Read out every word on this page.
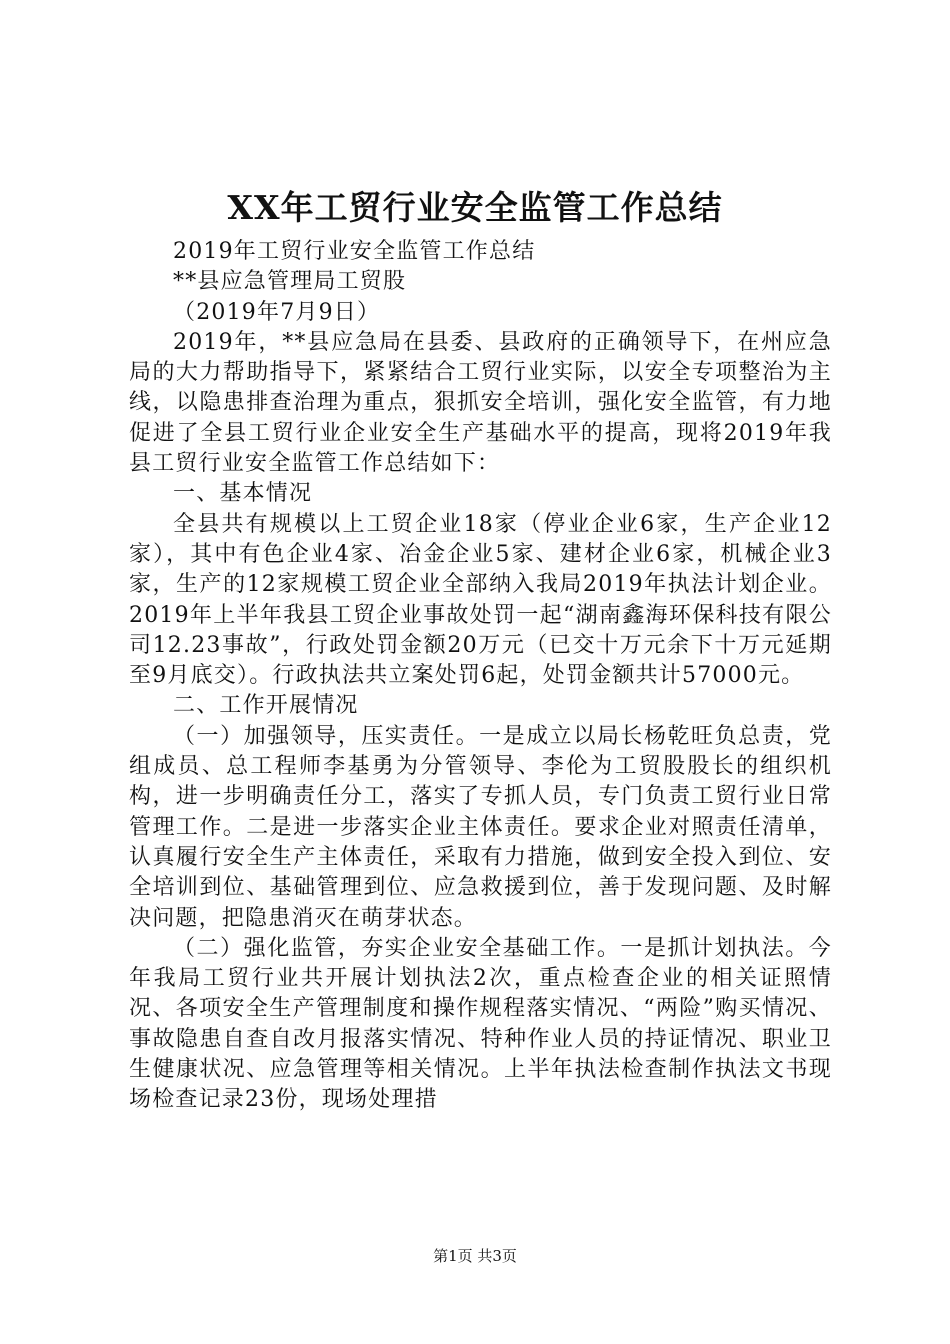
XX年工贸行业安全监管工作总结

2019年工贸行业安全监管工作总结

**县应急管理局工贸股

（2019年7月9日）

2019年，**县应急局在县委、县政府的正确领导下，在州应急局的大力帮助指导下，紧紧结合工贸行业实际，以安全专项整治为主线，以隐患排查治理为重点，狠抓安全培训，强化安全监管，有力地促进了全县工贸行业企业安全生产基础水平的提高，现将2019年我县工贸行业安全监管工作总结如下：

一、基本情况

全县共有规模以上工贸企业18家（停业企业6家，生产企业12家），其中有色企业4家、冶金企业5家、建材企业6家，机械企业3家，生产的12家规模工贸企业全部纳入我局2019年执法计划企业。2019年上半年我县工贸企业事故处罚一起“湖南鑫海环保科技有限公司12.23事故”，行政处罚金额20万元（已交十万元余下十万元延期至9月底交）。行政执法共立案处罚6起，处罚金额共计57000元。

二、工作开展情况

（一）加强领导，压实责任。一是成立以局长杨乾旺负总责，党组成员、总工程师李基勇为分管领导、李伦为工贸股股长的组织机构，进一步明确责任分工，落实了专抓人员，专门负责工贸行业日常管理工作。二是进一步落实企业主体责任。要求企业对照责任清单，认真履行安全生产主体责任，采取有力措施，做到安全投入到位、安全培训到位、基础管理到位、应急救援到位，善于发现问题、及时解决问题，把隐患消灭在萌芽状态。

（二）强化监管，夯实企业安全基础工作。一是抓计划执法。今年我局工贸行业共开展计划执法2次，重点检查企业的相关证照情况、各项安全生产管理制度和操作规程落实情况、“两险”购买情况、事故隐患自查自改月报落实情况、特种作业人员的持证情况、职业卫生健康状况、应急管理等相关情况。上半年执法检查制作执法文书现场检查记录23份，现场处理措

第1页 共3页
